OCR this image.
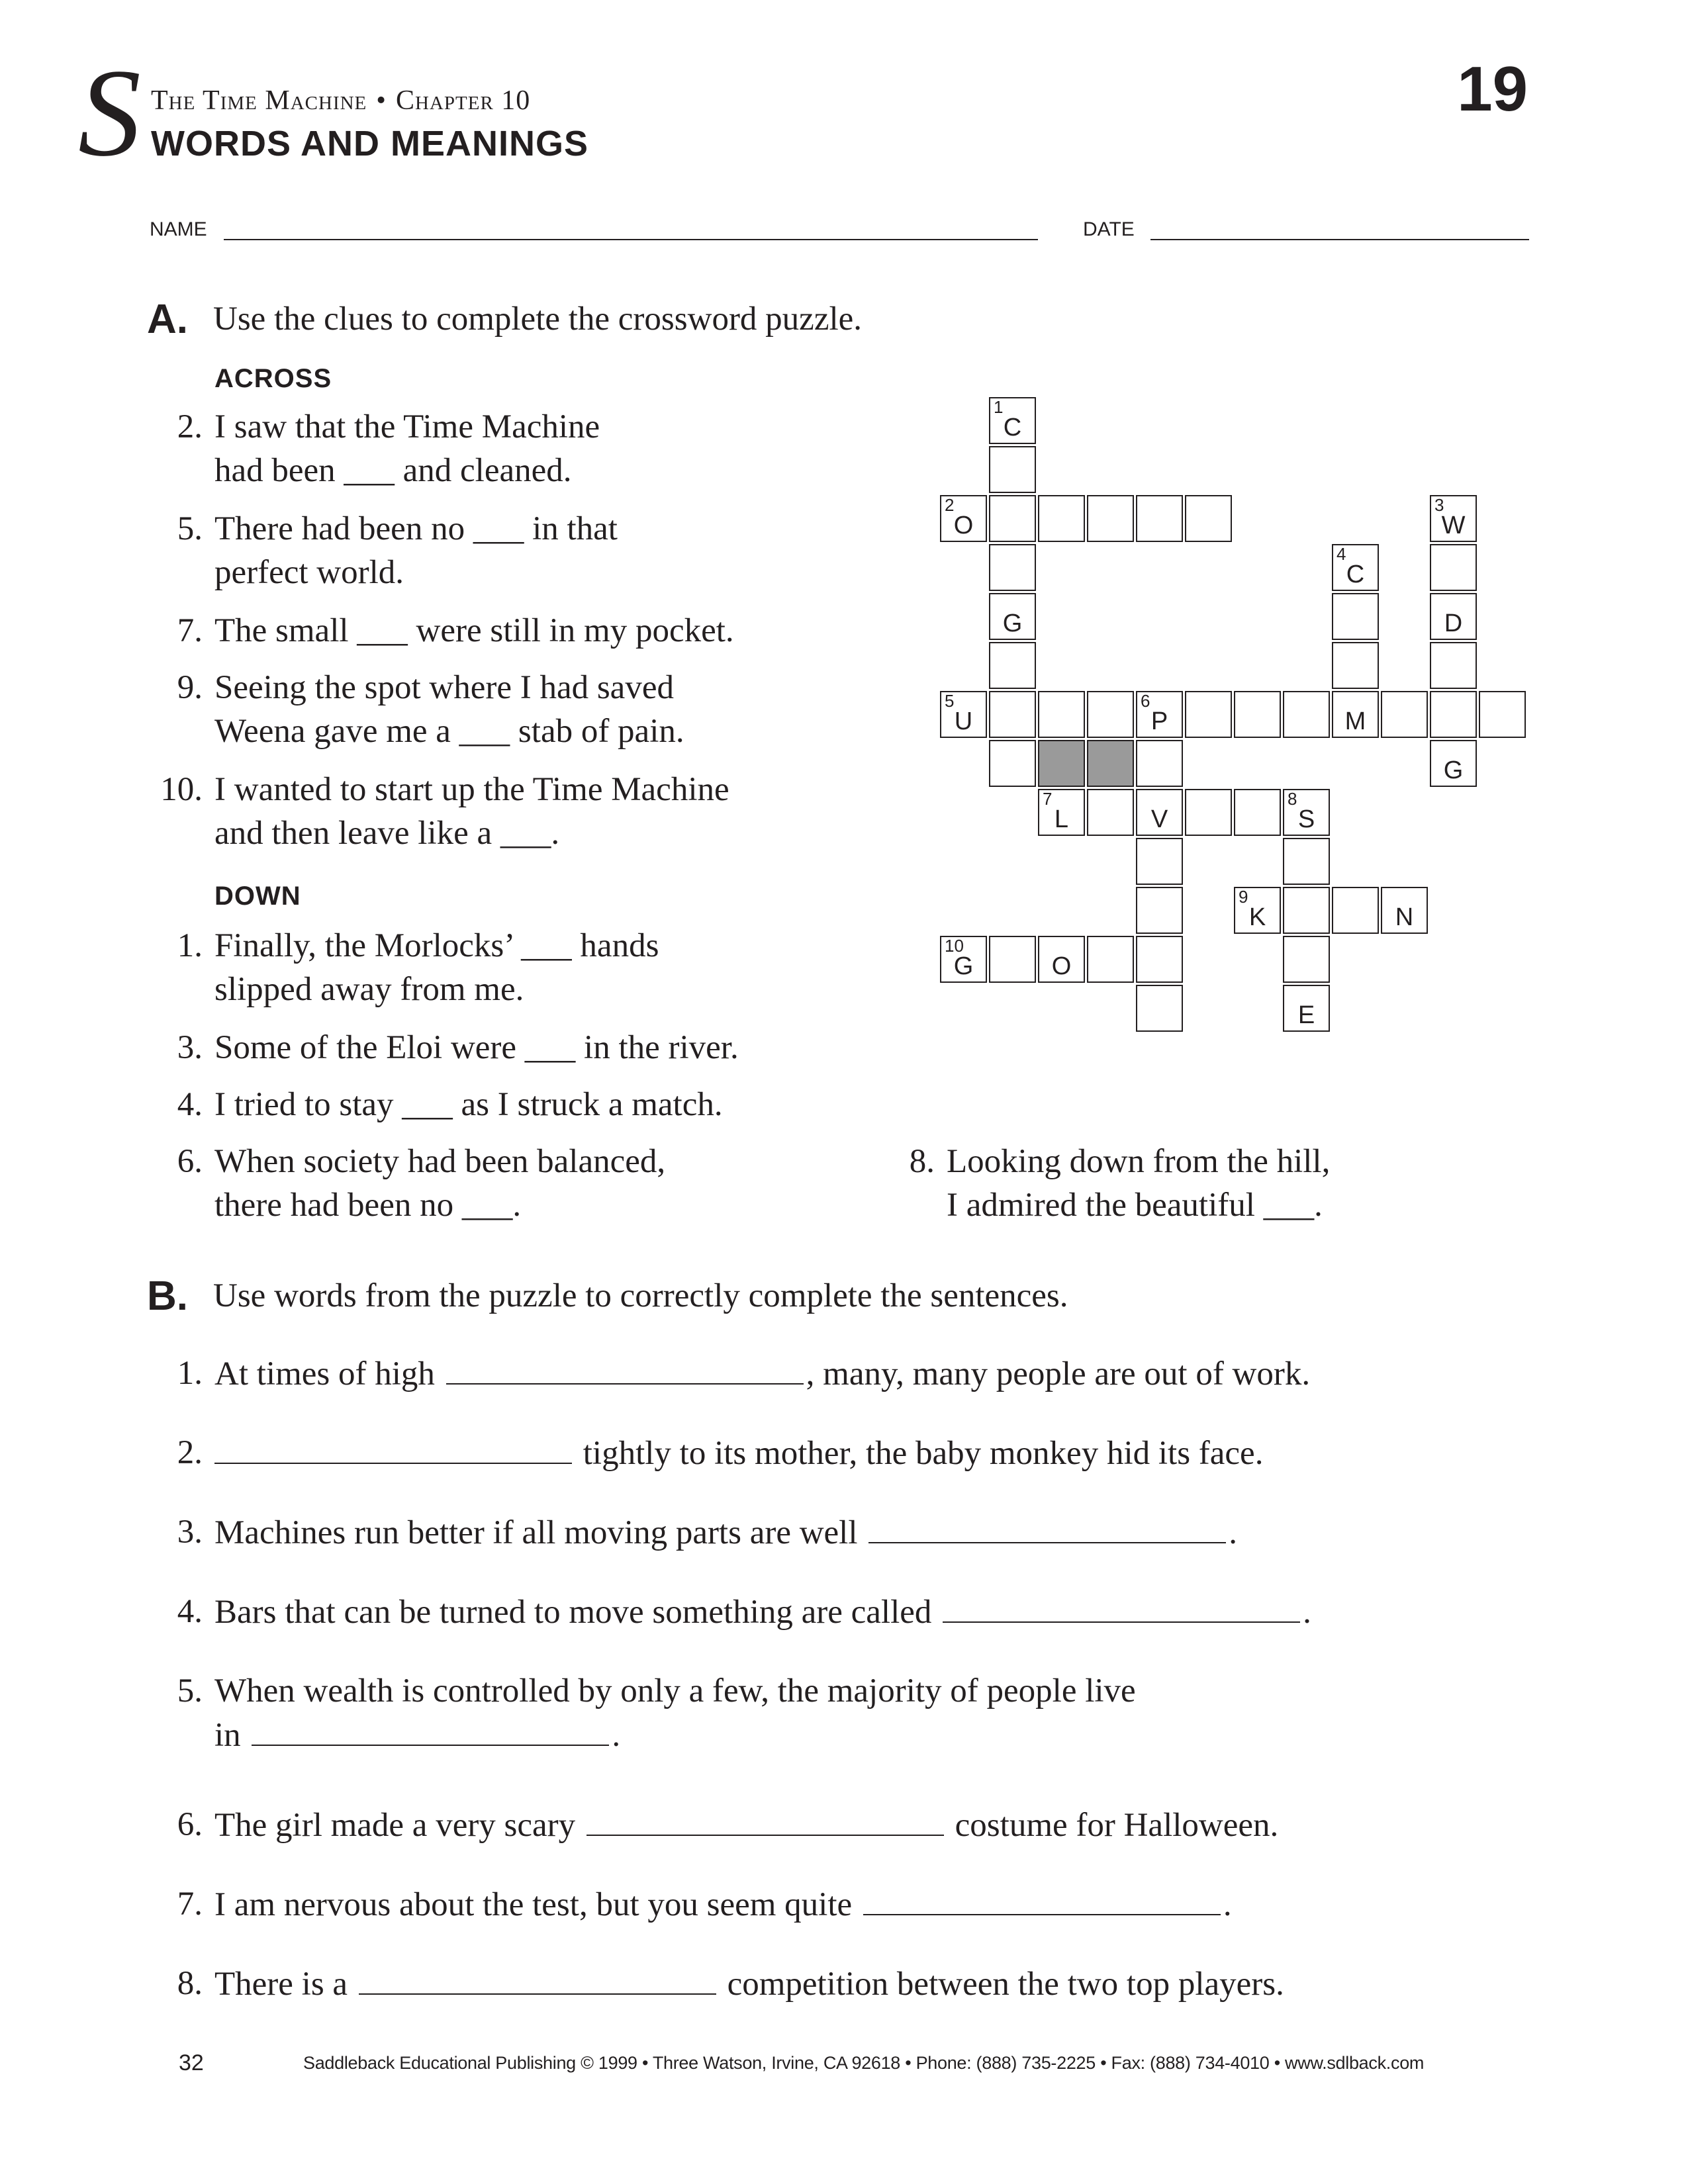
S The Time Machine • Chapter 10
WORDS AND MEANINGS
19
NAME	DATE
A. Use the clues to complete the crossword puzzle.
ACROSS
2. I saw that the Time Machine
had been ___ and cleaned.
5. There had been no ___ in that
perfect world.
7. The small ___ were still in my pocket.
9. Seeing the spot where I had saved
Weena gave me a ___ stab of pain.
10. I wanted to start up the Time Machine
and then leave like a ___.
DOWN
1. Finally, the Morlocks’ ___ hands
slipped away from me.
3. Some of the Eloi were ___ in the river.
4. I tried to stay ___ as I struck a match.
6. When society had been balanced,
there had been no ___.
8. Looking down from the hill,
I admired the beautiful ___.
1
C
2
O
3
W
4
C
G	D
5
U
6
P	M
G
7
L	V
8
S
9
K	N
10
G	O
E
B. Use words from the puzzle to correctly complete the sentences.
1. At times of high	, many, many people are out of work.
2.	tightly to its mother, the baby monkey hid its face.
3. Machines run better if all moving parts are well	.
4. Bars that can be turned to move something are called	.
5. When wealth is controlled by only a few, the majority of people live
in	.
6. The girl made a very scary	costume for Halloween.
7. I am nervous about the test, but you seem quite	.
8. There is a	competition between the two top players.
32	Saddleback Educational Publishing © 1999 • Three Watson, Irvine, CA 92618 • Phone: (888) 735-2225 • Fax: (888) 734-4010 • www.sdlback.com
